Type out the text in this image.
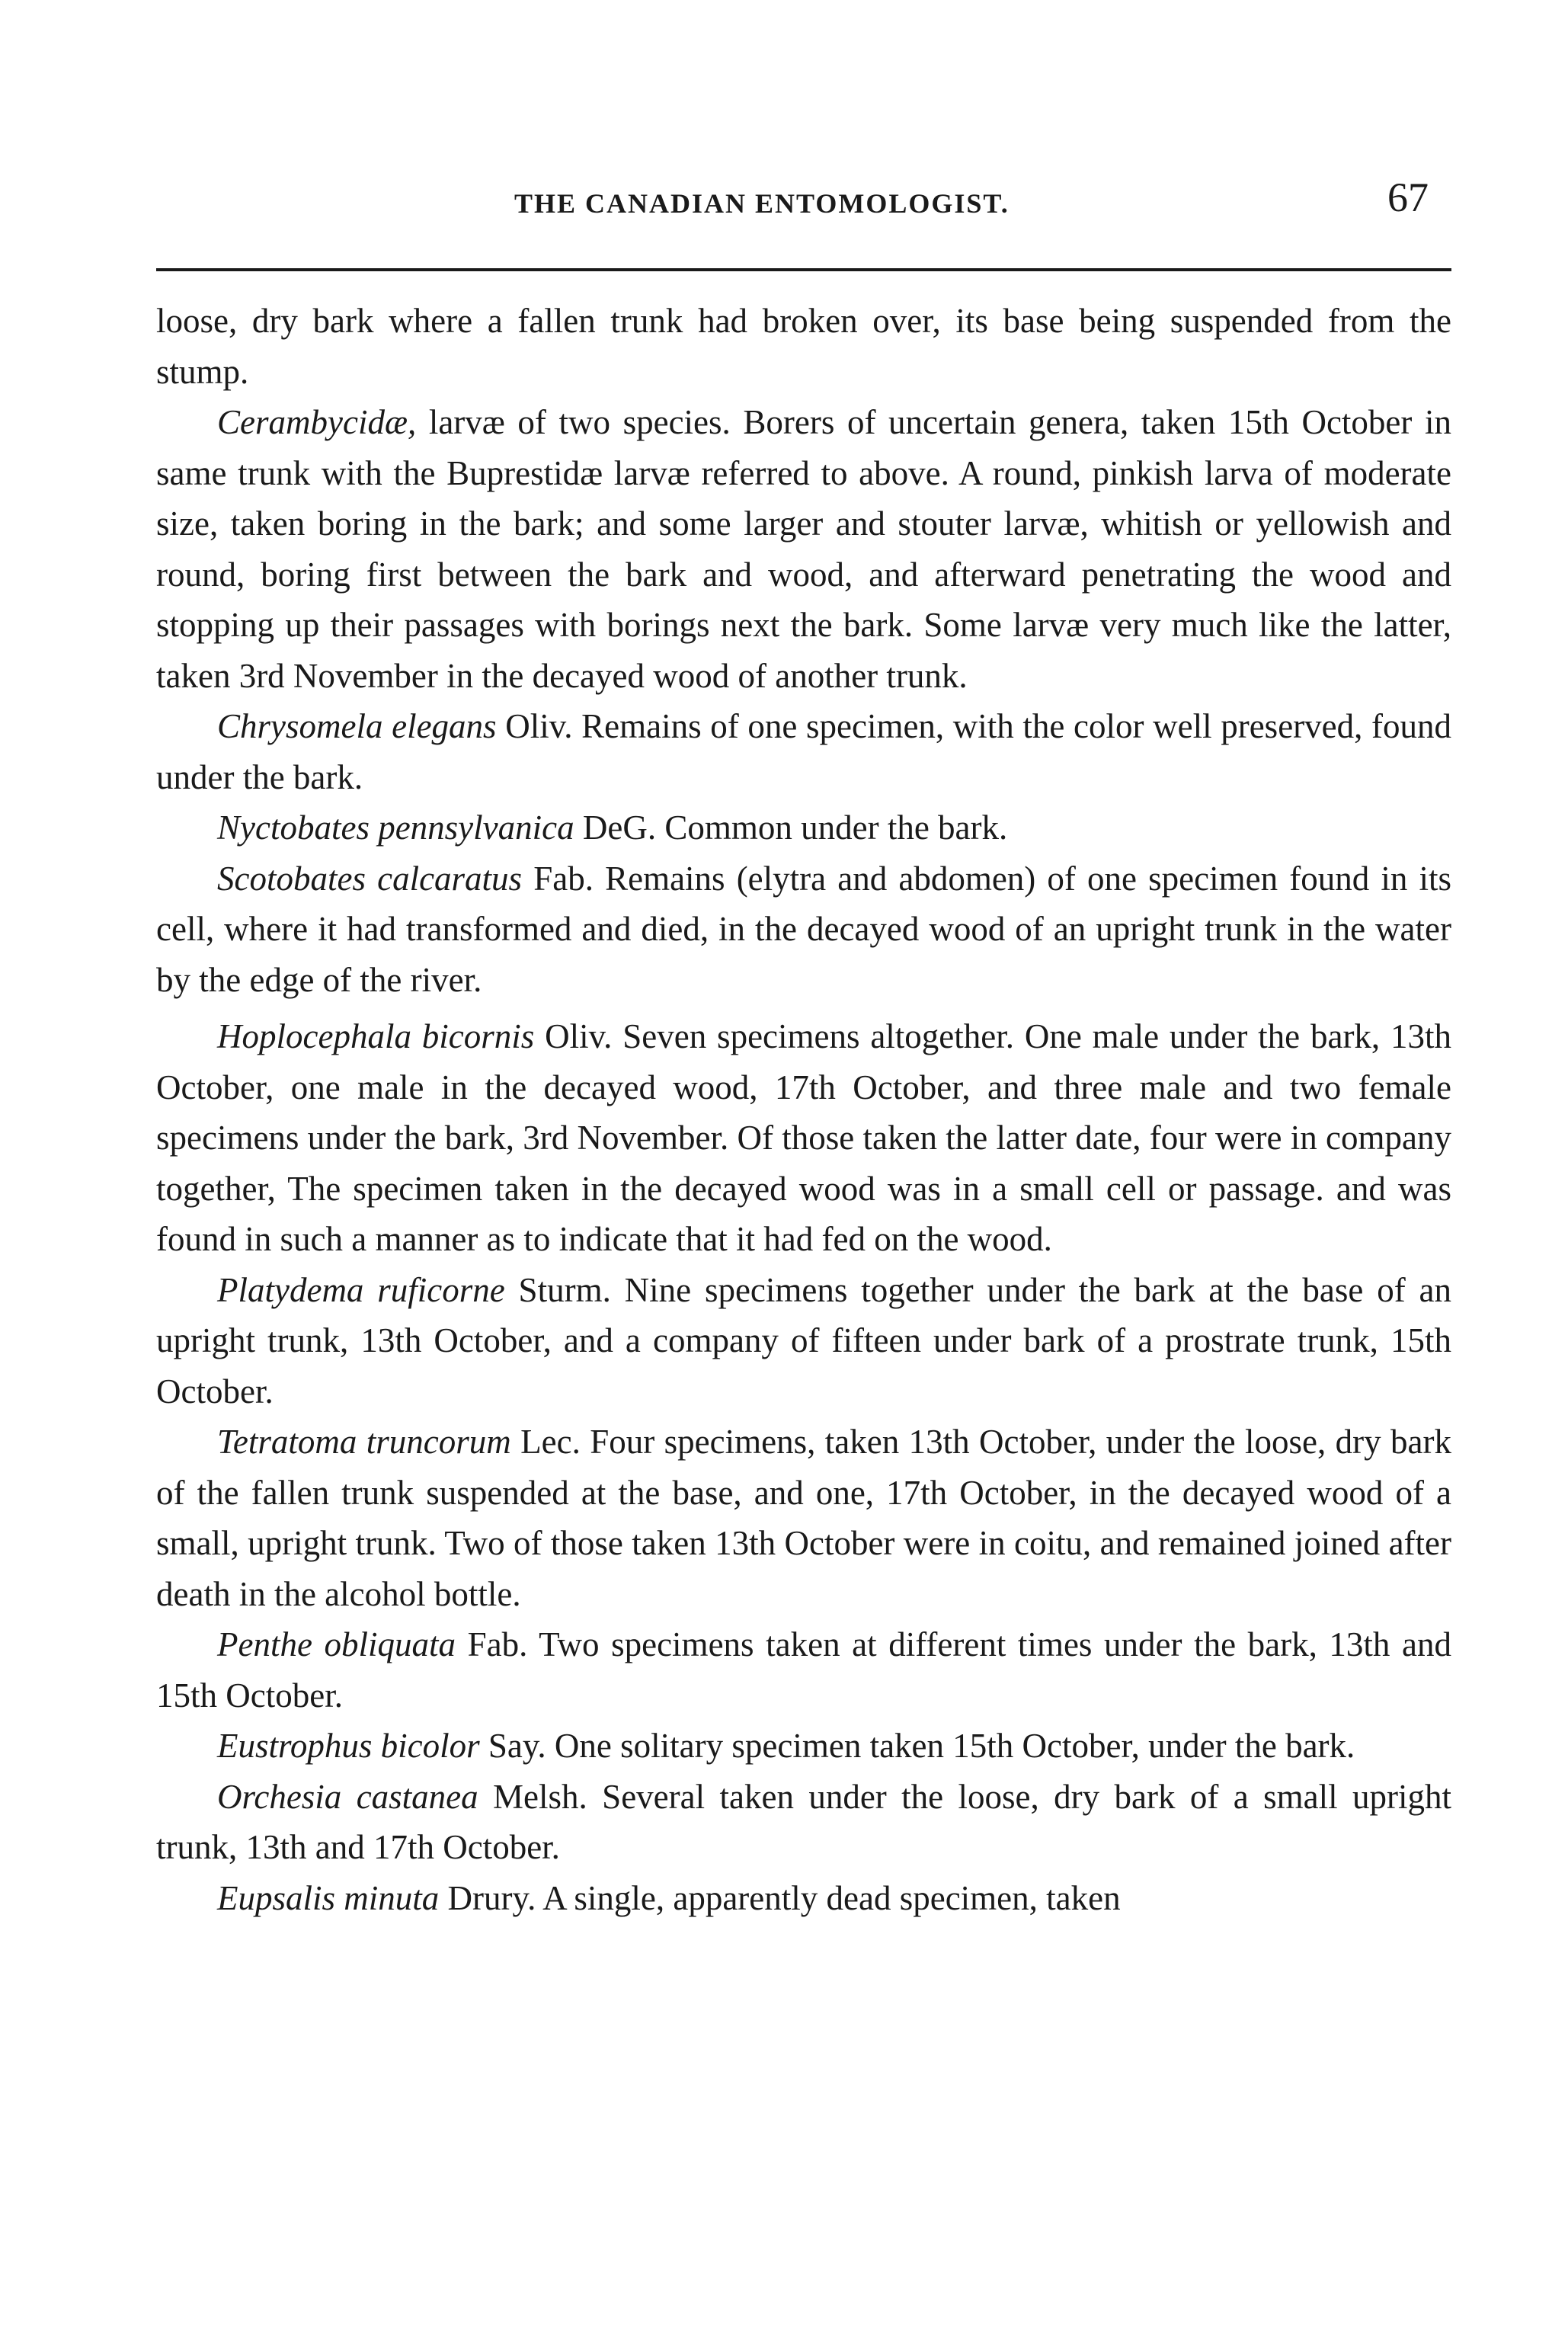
THE CANADIAN ENTOMOLOGIST.	67

loose, dry bark where a fallen trunk had broken over, its base being suspended from the stump.

Cerambycidæ, larvæ of two species. Borers of uncertain genera, taken 15th October in same trunk with the Buprestidæ larvæ referred to above. A round, pinkish larva of moderate size, taken boring in the bark; and some larger and stouter larvæ, whitish or yellowish and round, boring first between the bark and wood, and afterward penetrating the wood and stopping up their passages with borings next the bark. Some larvæ very much like the latter, taken 3rd November in the decayed wood of another trunk.

Chrysomela elegans Oliv. Remains of one specimen, with the color well preserved, found under the bark.

Nyctobates pennsylvanica DeG. Common under the bark.

Scotobates calcaratus Fab. Remains (elytra and abdomen) of one specimen found in its cell, where it had transformed and died, in the decayed wood of an upright trunk in the water by the edge of the river.

Hoplocephala bicornis Oliv. Seven specimens altogether. One male under the bark, 13th October, one male in the decayed wood, 17th October, and three male and two female specimens under the bark, 3rd November. Of those taken the latter date, four were in company together, The specimen taken in the decayed wood was in a small cell or passage. and was found in such a manner as to indicate that it had fed on the wood.

Platydema ruficorne Sturm. Nine specimens together under the bark at the base of an upright trunk, 13th October, and a company of fifteen under bark of a prostrate trunk, 15th October.

Tetratoma truncorum Lec. Four specimens, taken 13th October, under the loose, dry bark of the fallen trunk suspended at the base, and one, 17th October, in the decayed wood of a small, upright trunk. Two of those taken 13th October were in coitu, and remained joined after death in the alcohol bottle.

Penthe obliquata Fab. Two specimens taken at different times under the bark, 13th and 15th October.

Eustrophus bicolor Say. One solitary specimen taken 15th October, under the bark.

Orchesia castanea Melsh. Several taken under the loose, dry bark of a small upright trunk, 13th and 17th October.

Eupsalis minuta Drury. A single, apparently dead specimen, taken
